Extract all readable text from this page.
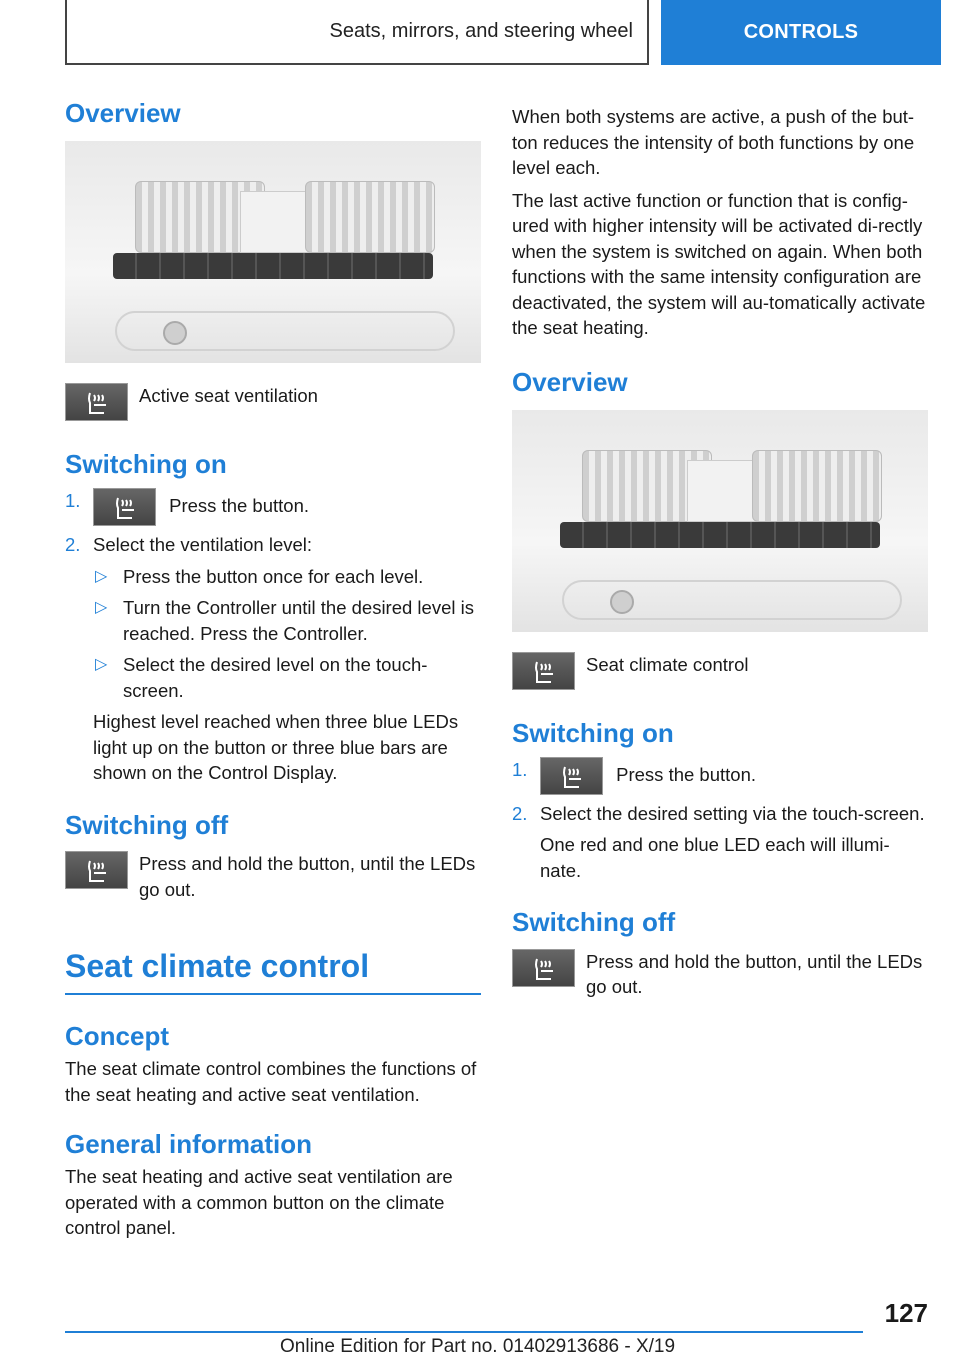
Seats, mirrors, and steering wheel	CONTROLS
Overview

Active seat ventilation

Switching on
1.	Press the button.
2. Select the ventilation level:
▷ Press the button once for each level.
▷ Turn the Controller until the desired level is reached. Press the Controller.
▷ Select the desired level on the touch-screen.

Highest level reached when three blue LEDs light up on the button or three blue bars are shown on the Control Display.

Switching off

Press and hold the button, until the LEDs go out.

Seat climate control
Concept

The seat climate control combines the functions of the seat heating and active seat ventilation.

General information

The seat heating and active seat ventilation are operated with a common button on the climate control panel.

When both systems are active, a push of the but-ton reduces the intensity of both functions by one level each.

The last active function or function that is config-ured with higher intensity will be activated di-rectly when the system is switched on again. When both functions with the same intensity configuration are deactivated, the system will au-tomatically activate the seat heating.

Overview

Seat climate control

Switching on
1.	Press the button.
2. Select the desired setting via the touch-screen.

One red and one blue LED each will illumi-nate.

Switching off

Press and hold the button, until the LEDs go out.

127
Online Edition for Part no. 01402913686 - X/19
